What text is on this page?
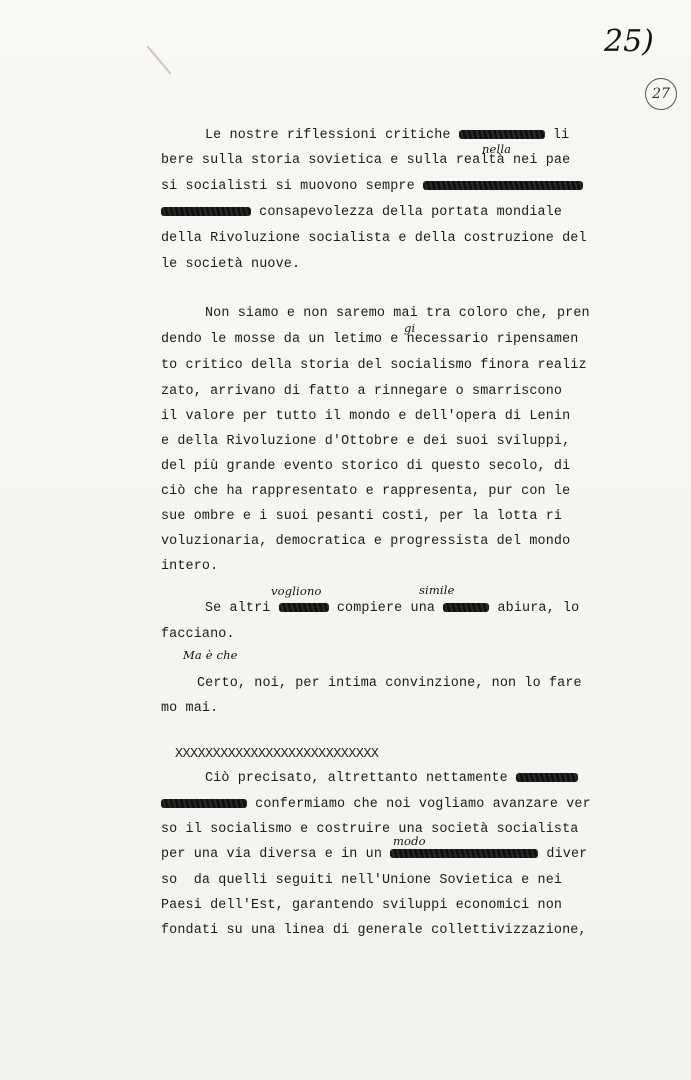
25)
27

Le nostre riflessioni critiche	li

bere sulla storia sovietica e sulla realtà nei pae

nella

si socialisti si muovono sempre

consapevolezza della portata mondiale

della Rivoluzione socialista e della costruzione del

le società nuove.

Non siamo e non saremo mai tra coloro che, pren

gi

dendo le mosse da un letimo e necessario ripensamen

to critico della storia del socialismo finora realiz

zato, arrivano di fatto a rinnegare o smarriscono

il valore per tutto il mondo e dell'opera di Lenin

e della Rivoluzione d'Ottobre e dei suoi sviluppi,

del più grande evento storico di questo secolo, di

ciò che ha rappresentato e rappresenta, pur con le

sue ombre e i suoi pesanti costi, per la lotta ri

voluzionaria, democratica e progressista del mondo

intero.

vogliono

	simile

Se altri	compiere una	abiura, lo

facciano.

Ma è che

Certo, noi, per intima convinzione, non lo fare

mo mai.

XXXXXXXXXXXXXXXXXXXXXXXXXXX

Ciò precisato, altrettanto nettamente

confermiamo che noi vogliamo avanzare ver

so il socialismo e costruire una società socialista

modo

per una via diversa e in un	diver

so  da quelli seguiti nell'Unione Sovietica e nei

Paesi dell'Est, garantendo sviluppi economici non

fondati su una linea di generale collettivizzazione,
